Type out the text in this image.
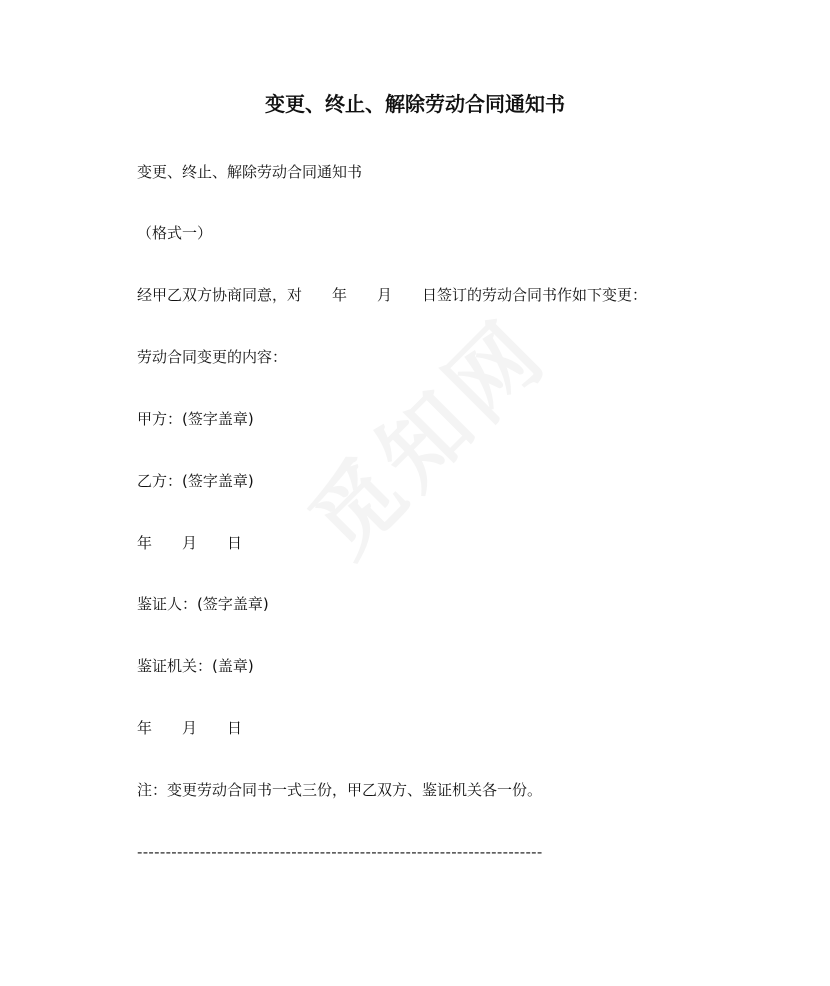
变更、终止、解除劳动合同通知书

变更、终止、解除劳动合同通知书

（格式一）

经甲乙双方协商同意，对　　年　　月　　日签订的劳动合同书作如下变更：

劳动合同变更的内容：

甲方：(签字盖章)

乙方：(签字盖章)

年　　月　　日

鉴证人：(签字盖章)

鉴证机关：(盖章)

年　　月　　日

注：变更劳动合同书一式三份，甲乙双方、鉴证机关各一份。

-----------------------------------------------------------------------
